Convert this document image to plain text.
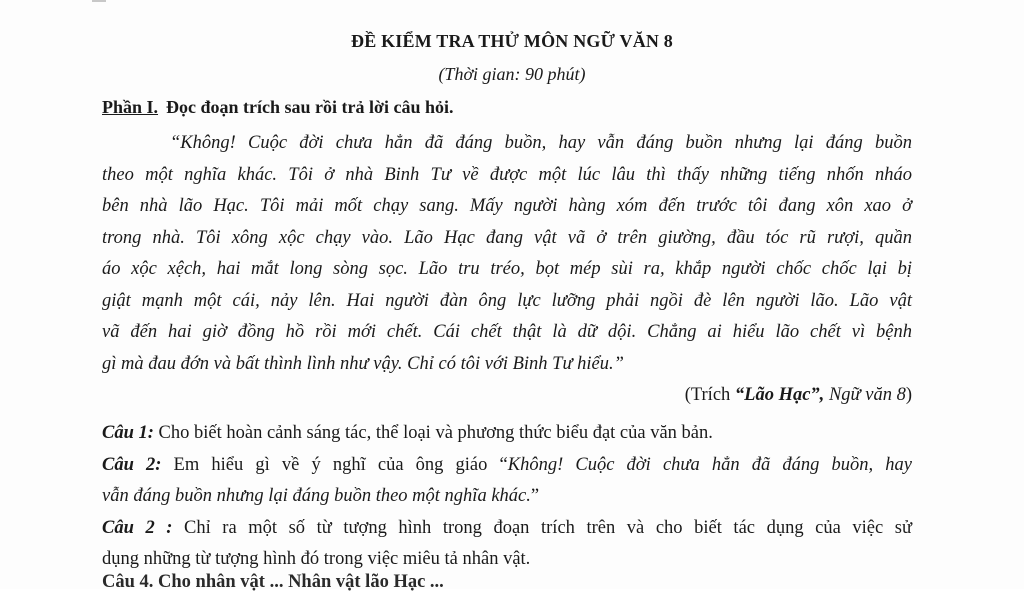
ĐỀ KIỂM TRA THỬ MÔN NGỮ VĂN 8
(Thời gian: 90 phút)
Phần I. Đọc đoạn trích sau rồi trả lời câu hỏi.
“Không! Cuộc đời chưa hẳn đã đáng buồn, hay vẫn đáng buồn nhưng lại đáng buồn
theo một nghĩa khác. Tôi ở nhà Binh Tư về được một lúc lâu thì thấy những tiếng nhốn nháo
bên nhà lão Hạc. Tôi mải mốt chạy sang. Mấy người hàng xóm đến trước tôi đang xôn xao ở
trong nhà. Tôi xông xộc chạy vào. Lão Hạc đang vật vã ở trên giường, đầu tóc rũ rượi, quần
áo xộc xệch, hai mắt long sòng sọc. Lão tru tréo, bọt mép sùi ra, khắp người chốc chốc lại bị
giật mạnh một cái, nảy lên. Hai người đàn ông lực lưỡng phải ngồi đè lên người lão. Lão vật
vã đến hai giờ đồng hồ rồi mới chết. Cái chết thật là dữ dội. Chẳng ai hiểu lão chết vì bệnh
gì mà đau đớn và bất thình lình như vậy. Chỉ có tôi với Binh Tư hiểu.”
(Trích “Lão Hạc”, Ngữ văn 8)
Câu 1: Cho biết hoàn cảnh sáng tác, thể loại và phương thức biểu đạt của văn bản.
Câu 2: Em hiểu gì về ý nghĩ của ông giáo “Không! Cuộc đời chưa hẳn đã đáng buồn, hay
vẫn đáng buồn nhưng lại đáng buồn theo một nghĩa khác.”
Câu 2 : Chỉ ra một số từ tượng hình trong đoạn trích trên và cho biết tác dụng của việc sử
dụng những từ tượng hình đó trong việc miêu tả nhân vật.
Câu 4. Cho nhân vật ... Nhân vật lão Hạc ...
